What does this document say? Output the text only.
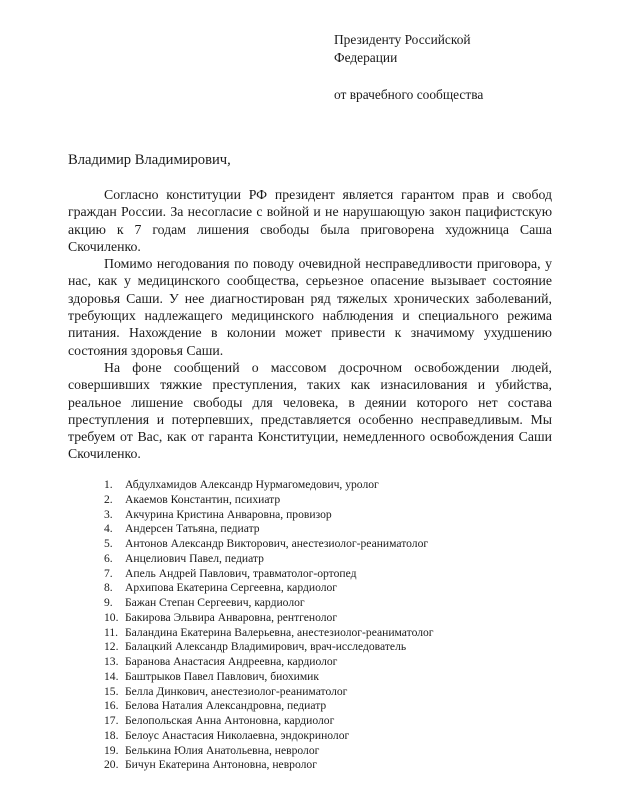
Президенту Российской
Федерации
от врачебного сообщества
Владимир Владимирович,

Согласно конституции РФ президент является гарантом прав и свобод граждан России. За несогласие с войной и не нарушающую закон пацифистскую акцию к 7 годам лишения свободы была приговорена художница Саша Скочиленко.

Помимо негодования по поводу очевидной несправедливости приговора, у нас, как у медицинского сообщества, серьезное опасение вызывает состояние здоровья Саши. У нее диагностирован ряд тяжелых хронических заболеваний, требующих надлежащего медицинского наблюдения и специального режима питания. Нахождение в колонии может привести к значимому ухудшению состояния здоровья Саши.

На фоне сообщений о массовом досрочном освобождении людей, совершивших тяжкие преступления, таких как изнасилования и убийства, реальное лишение свободы для человека, в деянии которого нет состава преступления и потерпевших, представляется особенно несправедливым. Мы требуем от Вас, как от гаранта Конституции, немедленного освобождения Саши Скочиленко.

1. Абдулхамидов Александр Нурмагомедович, уролог
2. Акаемов Константин, психиатр
3. Акчурина Кристина Анваровна, провизор
4. Андерсен Татьяна, педиатр
5. Антонов Александр Викторович, анестезиолог-реаниматолог
6. Анцелиович Павел, педиатр
7. Апель Андрей Павлович, травматолог-ортопед
8. Архипова Екатерина Сергеевна, кардиолог
9. Бажан Степан Сергеевич, кардиолог
10. Бакирова Эльвира Анваровна, рентгенолог
11. Баландина Екатерина Валерьевна, анестезиолог-реаниматолог
12. Балацкий Александр Владимирович, врач-исследователь
13. Баранова Анастасия Андреевна, кардиолог
14. Баштрыков Павел Павлович, биохимик
15. Белла Динкович, анестезиолог-реаниматолог
16. Белова Наталия Александровна, педиатр
17. Белопольская Анна Антоновна, кардиолог
18. Белоус Анастасия Николаевна, эндокринолог
19. Белькина Юлия Анатольевна, невролог
20. Бичун Екатерина Антоновна, невролог
